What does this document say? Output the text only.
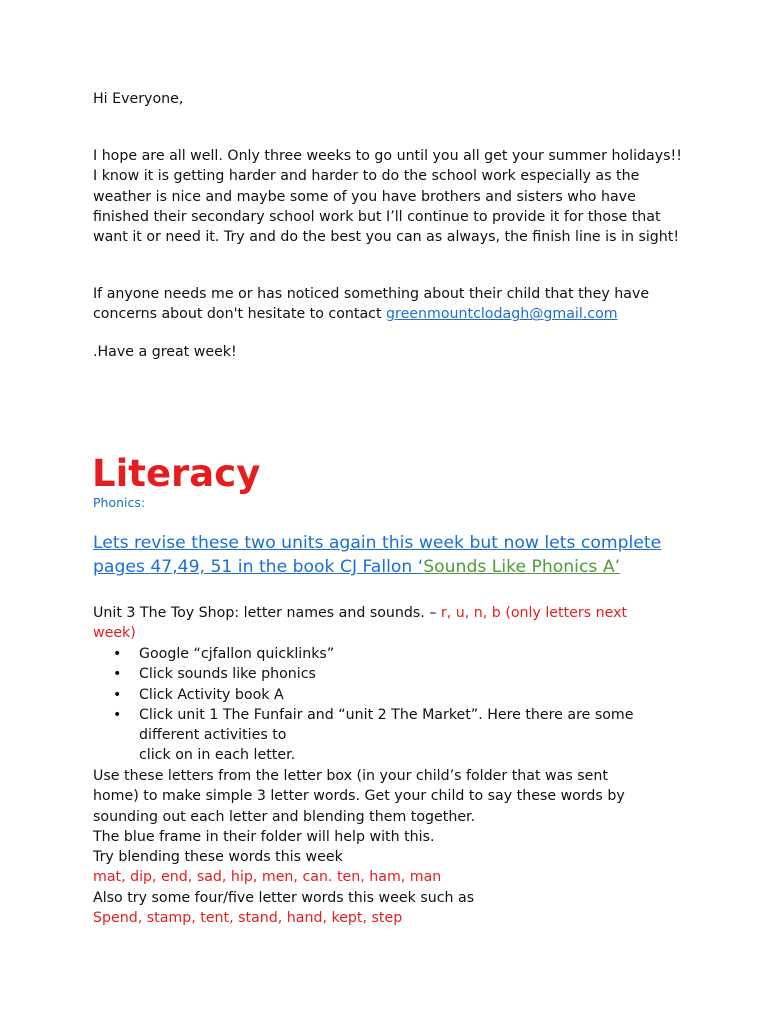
Hi Everyone,

I hope are all well. Only three weeks to go until you all get your summer holidays!! I know it is getting harder and harder to do the school work especially as the weather is nice and maybe some of you have brothers and sisters who have finished their secondary school work but I’ll continue to provide it for those that want it or need it. Try and do the best you can as always, the finish line is in sight!

If anyone needs me or has noticed something about their child that they have concerns about don't hesitate to contact greenmountclodagh@gmail.com

.Have a great week!

Literacy

Phonics:

Lets revise these two units again this week but now lets complete pages 47,49, 51 in the book CJ Fallon ‘Sounds Like Phonics A’

Unit 3 The Toy Shop: letter names and sounds. – r, u, n, b (only letters next week)

• Google “cjfallon quicklinks”
• Click sounds like phonics
• Click Activity book A
• Click unit 1 The Funfair and “unit 2 The Market”. Here there are some different activities to
click on in each letter.
Use these letters from the letter box (in your child’s folder that was sent home) to make simple 3 letter words. Get your child to say these words by sounding out each letter and blending them together.
The blue frame in their folder will help with this.
Try blending these words this week
mat, dip, end, sad, hip, men, can. ten, ham, man
Also try some four/five letter words this week such as
Spend, stamp, tent, stand, hand, kept, step
